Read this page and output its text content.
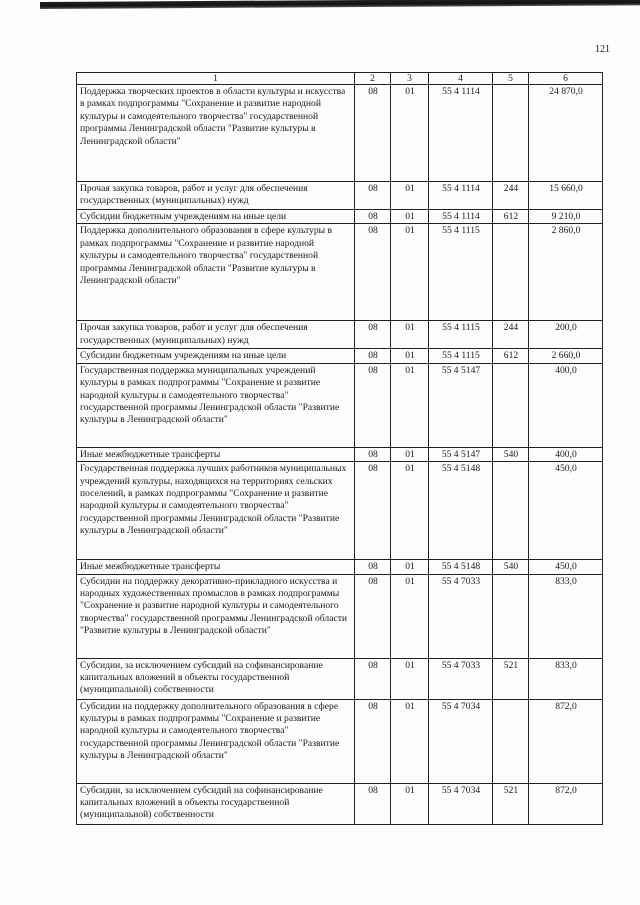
121
1	2	3	4	5	6
Поддержка творческих проектов в области культуры и искусства в рамках подпрограммы "Сохранение и развитие народной культуры и самодеятельного творчества" государственной программы Ленинградской области "Развитие культуры в Ленинградской области"	08	01	55 4 1114		24 870,0
Прочая закупка товаров, работ и услуг для обеспечения государственных (муниципальных) нужд	08	01	55 4 1114	244	15 660,0
Субсидии бюджетным учреждениям на иные цели	08	01	55 4 1114	612	9 210,0
Поддержка дополнительного образования в сфере культуры в рамках подпрограммы "Сохранение и развитие народной культуры и самодеятельного творчества" государственной программы Ленинградской области "Развитие культуры в Ленинградской области"	08	01	55 4 1115		2 860,0
Прочая закупка товаров, работ и услуг для обеспечения государственных (муниципальных) нужд	08	01	55 4 1115	244	200,0
Субсидии бюджетным учреждениям на иные цели	08	01	55 4 1115	612	2 660,0
Государственная поддержка муниципальных учреждений культуры в рамках подпрограммы "Сохранение и развитие народной культуры и самодеятельного творчества" государственной программы Ленинградской области "Развитие культуры в Ленинградской области"	08	01	55 4 5147		400,0
Иные межбюджетные трансферты	08	01	55 4 5147	540	400,0
Государственная поддержка лучших работников муниципальных учреждений культуры, находящихся на территориях сельских поселений, в рамках подпрограммы "Сохранение и развитие народной культуры и самодеятельного творчества" государственной программы Ленинградской области "Развитие культуры в Ленинградской области"	08	01	55 4 5148		450,0
Иные межбюджетные трансферты	08	01	55 4 5148	540	450,0
Субсидии на поддержку декоративно-прикладного искусства и народных художественных промыслов в рамках подпрограммы "Сохранение и развитие народной культуры и самодеятельного творчества" государственной программы Ленинградской области "Развитие культуры в Ленинградской области"	08	01	55 4 7033		833,0
Субсидии, за исключением субсидий на софинансирование капитальных вложений в объекты государственной (муниципальной) собственности	08	01	55 4 7033	521	833,0
Субсидии на поддержку дополнительного образования в сфере культуры в рамках подпрограммы "Сохранение и развитие народной культуры и самодеятельного творчества" государственной программы Ленинградской области "Развитие культуры в Ленинградской области"	08	01	55 4 7034		872,0
Субсидии, за исключением субсидий на софинансирование капитальных вложений в объекты государственной (муниципальной) собственности	08	01	55 4 7034	521	872,0
